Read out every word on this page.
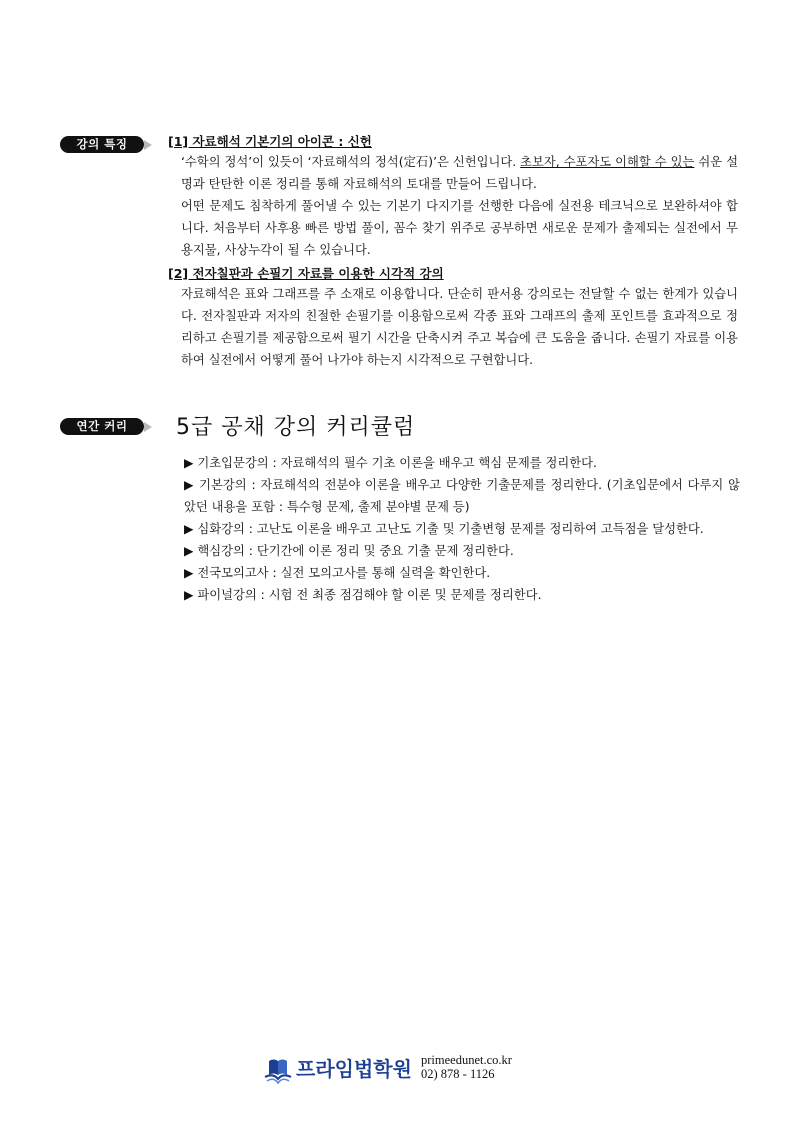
강의 특징	[1] 자료해석 기본기의 아이콘 : 신헌
‘수학의 정석’이 있듯이 ‘자료해석의 정석(定石)’은 신헌입니다. 초보자, 수포자도 이해할 수 있는 쉬운 설명과 탄탄한 이론 정리를 통해 자료해석의 토대를 만들어 드립니다.
어떤 문제도 침착하게 풀어낼 수 있는 기본기 다지기를 선행한 다음에 실전용 테크닉으로 보완하셔야 합니다. 처음부터 사후용 빠른 방법 풀이, 꼼수 찾기 위주로 공부하면 새로운 문제가 출제되는 실전에서 무용지물, 사상누각이 될 수 있습니다.
[2] 전자칠판과 손필기 자료를 이용한 시각적 강의
자료해석은 표와 그래프를 주 소재로 이용합니다. 단순히 판서용 강의로는 전달할 수 없는 한계가 있습니다. 전자칠판과 저자의 친절한 손필기를 이용함으로써 각종 표와 그래프의 출제 포인트를 효과적으로 정리하고 손필기를 제공함으로써 필기 시간을 단축시켜 주고 복습에 큰 도움을 줍니다. 손필기 자료를 이용하여 실전에서 어떻게 풀어 나가야 하는지 시각적으로 구현합니다.
연간 커리	5급 공채 강의 커리큘럼
▶ 기초입문강의 : 자료해석의 필수 기초 이론을 배우고 핵심 문제를 정리한다.
▶ 기본강의 : 자료해석의 전분야 이론을 배우고 다양한 기출문제를 정리한다. (기초입문에서 다루지 않았던 내용을 포함 : 특수형 문제, 출제 분야별 문제 등)
▶ 심화강의 : 고난도 이론을 배우고 고난도 기출 및 기출변형 문제를 정리하여 고득점을 달성한다.
▶ 핵심강의 : 단기간에 이론 정리 및 중요 기출 문제 정리한다.
▶ 전국모의고사 : 실전 모의고사를 통해 실력을 확인한다.
▶ 파이널강의 : 시험 전 최종 점검해야 할 이론 및 문제를 정리한다.
프라임법학원 primeedunet.co.kr
02) 878 - 1126
